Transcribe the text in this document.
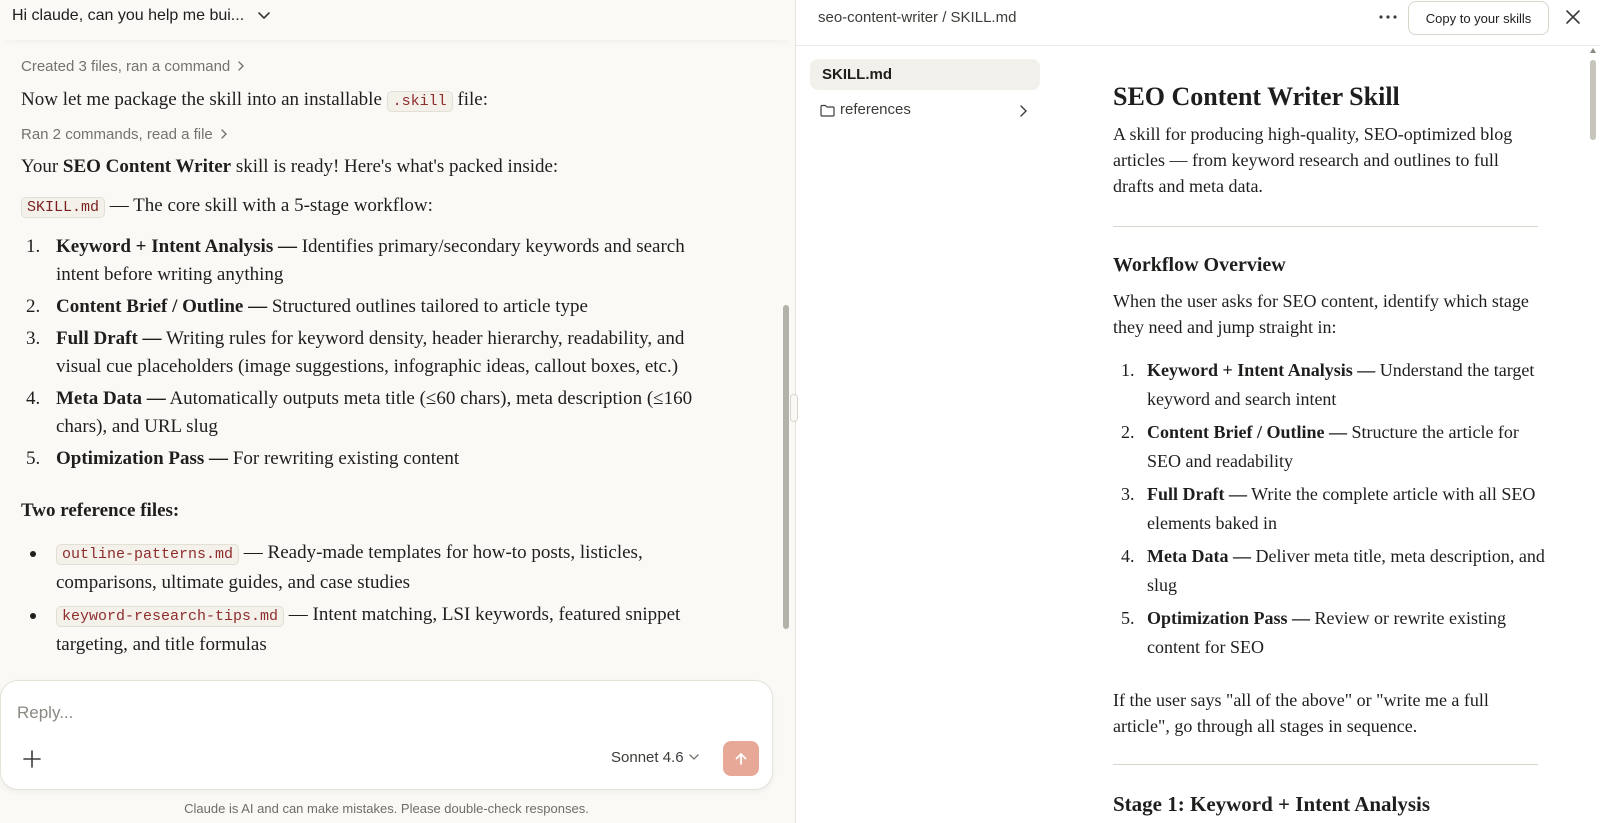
Hi claude, can you help me bui...
Created 3 files, ran a command
Now let me package the skill into an installable .skill file:
Ran 2 commands, read a file
Your SEO Content Writer skill is ready! Here's what's packed inside:
SKILL.md — The core skill with a 5-stage workflow:
1. Keyword + Intent Analysis — Identifies primary/secondary keywords and search intent before writing anything
2. Content Brief / Outline — Structured outlines tailored to article type
3. Full Draft — Writing rules for keyword density, header hierarchy, readability, and visual cue placeholders (image suggestions, infographic ideas, callout boxes, etc.)
4. Meta Data — Automatically outputs meta title (≤60 chars), meta description (≤160 chars), and URL slug
5. Optimization Pass — For rewriting existing content
Two reference files:
outline-patterns.md — Ready-made templates for how-to posts, listicles, comparisons, ultimate guides, and case studies
keyword-research-tips.md — Intent matching, LSI keywords, featured snippet targeting, and title formulas
Reply...
Sonnet 4.6
Claude is AI and can make mistakes. Please double-check responses.
seo-content-writer / SKILL.md	Copy to your skills
SKILL.md
references	SEO Content Writer Skill
A skill for producing high-quality, SEO-optimized blog articles — from keyword research and outlines to full drafts and meta data.
Workflow Overview
When the user asks for SEO content, identify which stage they need and jump straight in:
1. Keyword + Intent Analysis — Understand the target keyword and search intent
2. Content Brief / Outline — Structure the article for SEO and readability
3. Full Draft — Write the complete article with all SEO elements baked in
4. Meta Data — Deliver meta title, meta description, and slug
5. Optimization Pass — Review or rewrite existing content for SEO
If the user says "all of the above" or "write me a full article", go through all stages in sequence.
Stage 1: Keyword + Intent Analysis
